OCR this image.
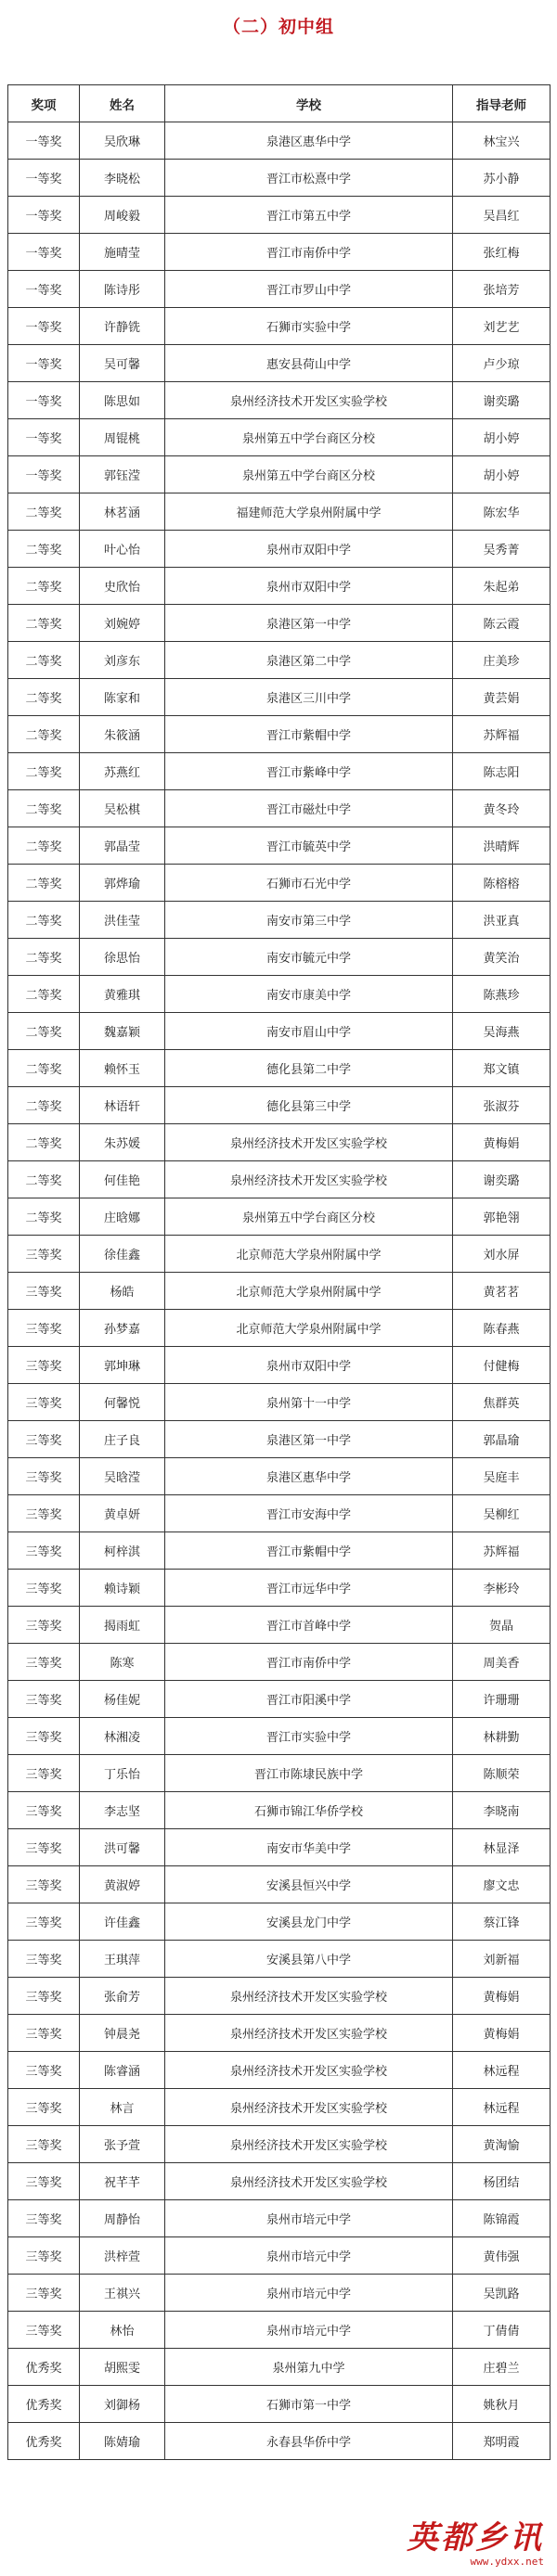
（二）初中组
奖项	姓名	学校	指导老师
一等奖	吴欣琳	泉港区惠华中学	林宝兴
一等奖	李晓松	晋江市松熹中学	苏小静
一等奖	周峻毅	晋江市第五中学	吴昌红
一等奖	施晴莹	晋江市南侨中学	张红梅
一等奖	陈诗彤	晋江市罗山中学	张培芳
一等奖	许静铣	石狮市实验中学	刘艺艺
一等奖	吴可馨	惠安县荷山中学	卢少琼
一等奖	陈思如	泉州经济技术开发区实验学校	谢奕璐
一等奖	周锟桃	泉州第五中学台商区分校	胡小婷
一等奖	郭钰滢	泉州第五中学台商区分校	胡小婷
二等奖	林茗涵	福建师范大学泉州附属中学	陈宏华
二等奖	叶心怡	泉州市双阳中学	吴秀菁
二等奖	史欣怡	泉州市双阳中学	朱起弟
二等奖	刘婉婷	泉港区第一中学	陈云霞
二等奖	刘彦东	泉港区第二中学	庄美珍
二等奖	陈家和	泉港区三川中学	黄芸娟
二等奖	朱筱涵	晋江市紫帽中学	苏辉福
二等奖	苏燕红	晋江市紫峰中学	陈志阳
二等奖	吴松棋	晋江市磁灶中学	黄冬玲
二等奖	郭晶莹	晋江市毓英中学	洪晴辉
二等奖	郭烨瑜	石狮市石光中学	陈榕榕
二等奖	洪佳莹	南安市第三中学	洪亚真
二等奖	徐思怡	南安市毓元中学	黄笑治
二等奖	黄雅琪	南安市康美中学	陈燕珍
二等奖	魏嘉颖	南安市眉山中学	吴海燕
二等奖	赖怀玉	德化县第二中学	郑文镇
二等奖	林语轩	德化县第三中学	张淑芬
二等奖	朱苏媛	泉州经济技术开发区实验学校	黄梅娟
二等奖	何佳艳	泉州经济技术开发区实验学校	谢奕璐
二等奖	庄晗娜	泉州第五中学台商区分校	郭艳翎
三等奖	徐佳鑫	北京师范大学泉州附属中学	刘水屏
三等奖	杨皓	北京师范大学泉州附属中学	黄茗茗
三等奖	孙梦嘉	北京师范大学泉州附属中学	陈春燕
三等奖	郭坤琳	泉州市双阳中学	付健梅
三等奖	何馨悦	泉州第十一中学	焦群英
三等奖	庄子良	泉港区第一中学	郭晶瑜
三等奖	吴晗滢	泉港区惠华中学	吴庭丰
三等奖	黄卓妍	晋江市安海中学	吴柳红
三等奖	柯梓淇	晋江市紫帽中学	苏辉福
三等奖	赖诗颖	晋江市远华中学	李彬玲
三等奖	揭雨虹	晋江市首峰中学	贺晶
三等奖	陈寒	晋江市南侨中学	周美香
三等奖	杨佳妮	晋江市阳溪中学	许珊珊
三等奖	林湘凌	晋江市实验中学	林耕勤
三等奖	丁乐怡	晋江市陈埭民族中学	陈顺荣
三等奖	李志坚	石狮市锦江华侨学校	李晓南
三等奖	洪可馨	南安市华美中学	林显泽
三等奖	黄淑婷	安溪县恒兴中学	廖文忠
三等奖	许佳鑫	安溪县龙门中学	蔡江锋
三等奖	王琪萍	安溪县第八中学	刘新福
三等奖	张俞芳	泉州经济技术开发区实验学校	黄梅娟
三等奖	钟晨尧	泉州经济技术开发区实验学校	黄梅娟
三等奖	陈睿涵	泉州经济技术开发区实验学校	林远程
三等奖	林言	泉州经济技术开发区实验学校	林远程
三等奖	张予萱	泉州经济技术开发区实验学校	黄淘愉
三等奖	祝芊芊	泉州经济技术开发区实验学校	杨团结
三等奖	周静怡	泉州市培元中学	陈锦霞
三等奖	洪梓萱	泉州市培元中学	黄伟强
三等奖	王祺兴	泉州市培元中学	吴凯路
三等奖	林怡	泉州市培元中学	丁倩倩
优秀奖	胡熙雯	泉州第九中学	庄碧兰
优秀奖	刘御杨	石狮市第一中学	姚秋月
优秀奖	陈婧瑜	永春县华侨中学	郑明霞
英都乡讯
www.ydxx.net
